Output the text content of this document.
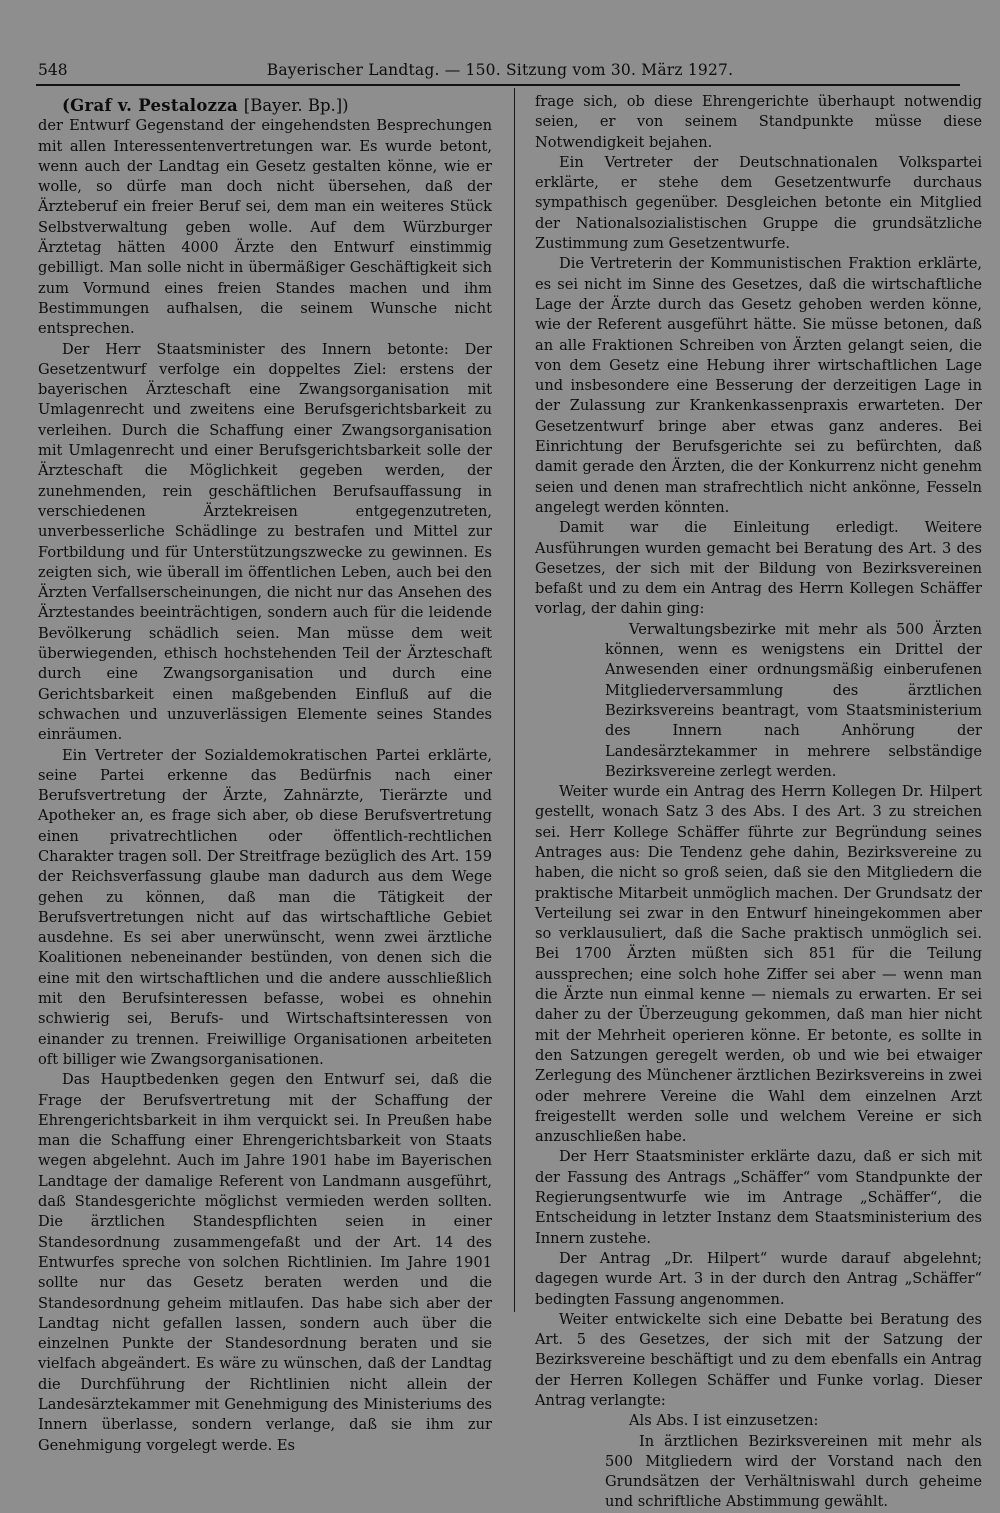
548	Bayerischer Landtag. — 150. Sitzung vom 30. März 1927.

(Graf v. Pestalozza [Bayer. Bp.])

der Entwurf Gegenstand der eingehendsten Besprechungen mit allen Interessentenvertretungen war. Es wurde betont, wenn auch der Landtag ein Gesetz gestalten könne, wie er wolle, so dürfe man doch nicht übersehen, daß der Ärzteberuf ein freier Beruf sei, dem man ein weiteres Stück Selbstverwaltung geben wolle. Auf dem Würzburger Ärztetag hätten 4000 Ärzte den Entwurf einstimmig gebilligt. Man solle nicht in übermäßiger Geschäftigkeit sich zum Vormund eines freien Standes machen und ihm Bestimmungen aufhalsen, die seinem Wunsche nicht entsprechen.

Der Herr Staatsminister des Innern betonte: Der Gesetzentwurf verfolge ein doppeltes Ziel: erstens der bayerischen Ärzteschaft eine Zwangsorganisation mit Umlagenrecht und zweitens eine Berufsgerichtsbarkeit zu verleihen. Durch die Schaffung einer Zwangsorganisation mit Umlagenrecht und einer Berufsgerichtsbarkeit solle der Ärzteschaft die Möglichkeit gegeben werden, der zunehmenden, rein geschäftlichen Berufsauffassung in verschiedenen Ärztekreisen entgegenzutreten, unverbesserliche Schädlinge zu bestrafen und Mittel zur Fortbildung und für Unterstützungszwecke zu gewinnen. Es zeigten sich, wie überall im öffentlichen Leben, auch bei den Ärzten Verfallserscheinungen, die nicht nur das Ansehen des Ärztestandes beeinträchtigen, sondern auch für die leidende Bevölkerung schädlich seien. Man müsse dem weit überwiegenden, ethisch hochstehenden Teil der Ärzteschaft durch eine Zwangsorganisation und durch eine Gerichtsbarkeit einen maßgebenden Einfluß auf die schwachen und unzuverlässigen Elemente seines Standes einräumen.

Ein Vertreter der Sozialdemokratischen Partei erklärte, seine Partei erkenne das Bedürfnis nach einer Berufsvertretung der Ärzte, Zahnärzte, Tierärzte und Apotheker an, es frage sich aber, ob diese Berufsvertretung einen privatrechtlichen oder öffentlich-rechtlichen Charakter tragen soll. Der Streitfrage bezüglich des Art. 159 der Reichsverfassung glaube man dadurch aus dem Wege gehen zu können, daß man die Tätigkeit der Berufsvertretungen nicht auf das wirtschaftliche Gebiet ausdehne. Es sei aber unerwünscht, wenn zwei ärztliche Koalitionen nebeneinander bestünden, von denen sich die eine mit den wirtschaftlichen und die andere ausschließlich mit den Berufsinteressen befasse, wobei es ohnehin schwierig sei, Berufs- und Wirtschaftsinteressen von einander zu trennen. Freiwillige Organisationen arbeiteten oft billiger wie Zwangsorganisationen.

Das Hauptbedenken gegen den Entwurf sei, daß die Frage der Berufsvertretung mit der Schaffung der Ehrengerichtsbarkeit in ihm verquickt sei. In Preußen habe man die Schaffung einer Ehrengerichtsbarkeit von Staats wegen abgelehnt. Auch im Jahre 1901 habe im Bayerischen Landtage der damalige Referent von Landmann ausgeführt, daß Standesgerichte möglichst vermieden werden sollten. Die ärztlichen Standespflichten seien in einer Standesordnung zusammengefaßt und der Art. 14 des Entwurfes spreche von solchen Richtlinien. Im Jahre 1901 sollte nur das Gesetz beraten werden und die Standesordnung geheim mitlaufen. Das habe sich aber der Landtag nicht gefallen lassen, sondern auch über die einzelnen Punkte der Standesordnung beraten und sie vielfach abgeändert. Es wäre zu wünschen, daß der Landtag die Durchführung der Richtlinien nicht allein der Landesärztekammer mit Genehmigung des Ministeriums des Innern überlasse, sondern verlange, daß sie ihm zur Genehmigung vorgelegt werde. Es

frage sich, ob diese Ehrengerichte überhaupt notwendig seien, er von seinem Standpunkte müsse diese Notwendigkeit bejahen.

Ein Vertreter der Deutschnationalen Volkspartei erklärte, er stehe dem Gesetzentwurfe durchaus sympathisch gegenüber. Desgleichen betonte ein Mitglied der Nationalsozialistischen Gruppe die grundsätzliche Zustimmung zum Gesetzentwurfe.

Die Vertreterin der Kommunistischen Fraktion erklärte, es sei nicht im Sinne des Gesetzes, daß die wirtschaftliche Lage der Ärzte durch das Gesetz gehoben werden könne, wie der Referent ausgeführt hätte. Sie müsse betonen, daß an alle Fraktionen Schreiben von Ärzten gelangt seien, die von dem Gesetz eine Hebung ihrer wirtschaftlichen Lage und insbesondere eine Besserung der derzeitigen Lage in der Zulassung zur Krankenkassenpraxis erwarteten. Der Gesetzentwurf bringe aber etwas ganz anderes. Bei Einrichtung der Berufsgerichte sei zu befürchten, daß damit gerade den Ärzten, die der Konkurrenz nicht genehm seien und denen man strafrechtlich nicht ankönne, Fesseln angelegt werden könnten.

Damit war die Einleitung erledigt. Weitere Ausführungen wurden gemacht bei Beratung des Art. 3 des Gesetzes, der sich mit der Bildung von Bezirksvereinen befaßt und zu dem ein Antrag des Herrn Kollegen Schäffer vorlag, der dahin ging:

Verwaltungsbezirke mit mehr als 500 Ärzten können, wenn es wenigstens ein Drittel der Anwesenden einer ordnungsmäßig einberufenen Mitgliederversammlung des ärztlichen Bezirksvereins beantragt, vom Staatsministerium des Innern nach Anhörung der Landesärztekammer in mehrere selbständige Bezirksvereine zerlegt werden.

Weiter wurde ein Antrag des Herrn Kollegen Dr. Hilpert gestellt, wonach Satz 3 des Abs. I des Art. 3 zu streichen sei. Herr Kollege Schäffer führte zur Begründung seines Antrages aus: Die Tendenz gehe dahin, Bezirksvereine zu haben, die nicht so groß seien, daß sie den Mitgliedern die praktische Mitarbeit unmöglich machen. Der Grundsatz der Verteilung sei zwar in den Entwurf hineingekommen aber so verklausuliert, daß die Sache praktisch unmöglich sei. Bei 1700 Ärzten müßten sich 851 für die Teilung aussprechen; eine solch hohe Ziffer sei aber — wenn man die Ärzte nun einmal kenne — niemals zu erwarten. Er sei daher zu der Überzeugung gekommen, daß man hier nicht mit der Mehrheit operieren könne. Er betonte, es sollte in den Satzungen geregelt werden, ob und wie bei etwaiger Zerlegung des Münchener ärztlichen Bezirksvereins in zwei oder mehrere Vereine die Wahl dem einzelnen Arzt freigestellt werden solle und welchem Vereine er sich anzuschließen habe.

Der Herr Staatsminister erklärte dazu, daß er sich mit der Fassung des Antrags „Schäffer“ vom Standpunkte der Regierungsentwurfe wie im Antrage „Schäffer“, die Entscheidung in letzter Instanz dem Staatsministerium des Innern zustehe.

Der Antrag „Dr. Hilpert“ wurde darauf abgelehnt; dagegen wurde Art. 3 in der durch den Antrag „Schäffer“ bedingten Fassung angenommen.

Weiter entwickelte sich eine Debatte bei Beratung des Art. 5 des Gesetzes, der sich mit der Satzung der Bezirksvereine beschäftigt und zu dem ebenfalls ein Antrag der Herren Kollegen Schäffer und Funke vorlag. Dieser Antrag verlangte:

Als Abs. I ist einzusetzen:

In ärztlichen Bezirksvereinen mit mehr als 500 Mitgliedern wird der Vorstand nach den Grundsätzen der Verhältniswahl durch geheime und schriftliche Abstimmung gewählt.
